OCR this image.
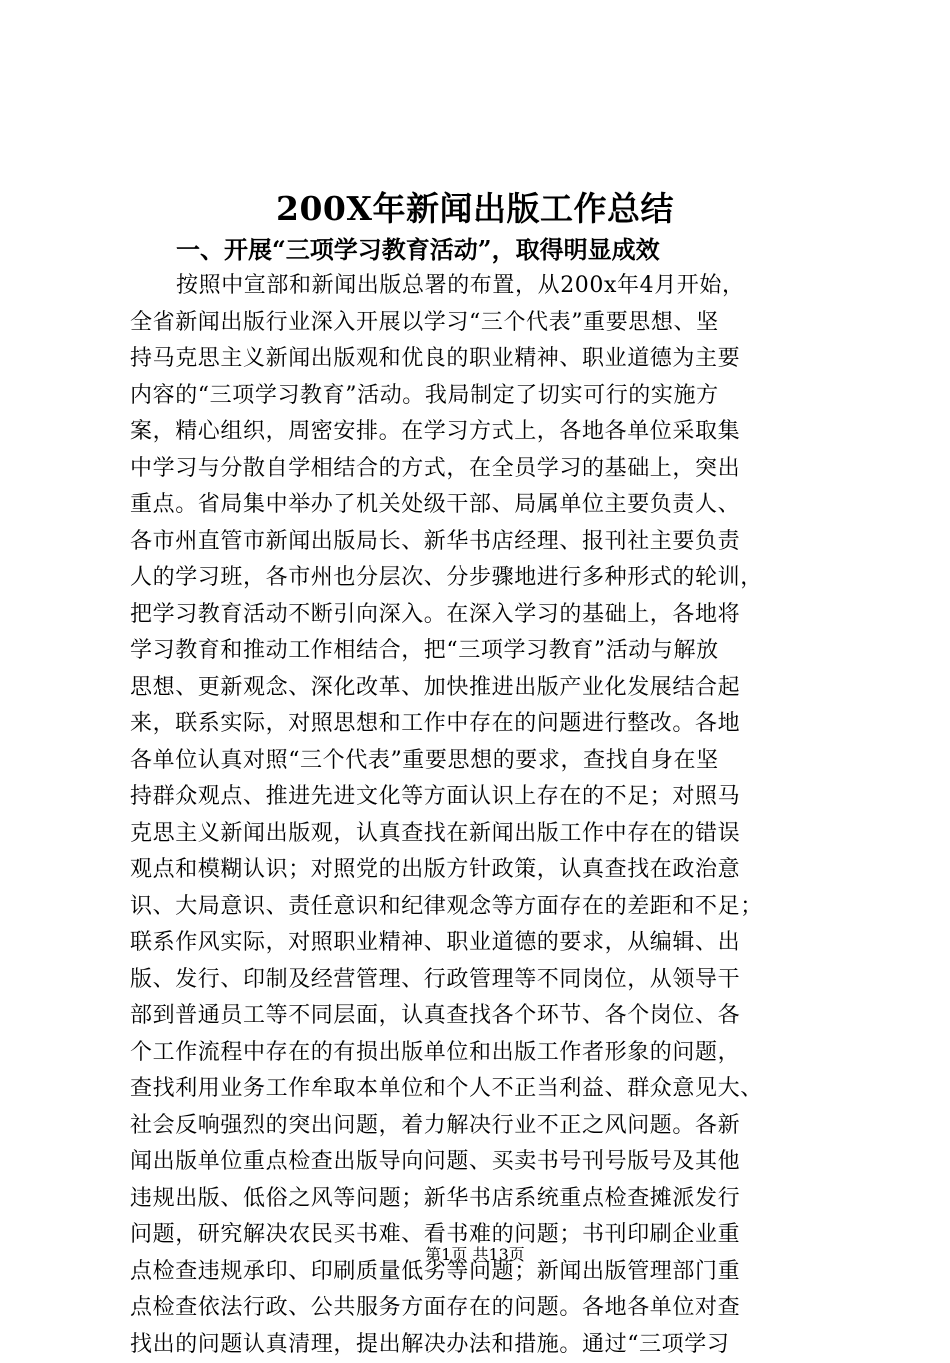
200X年新闻出版工作总结
一、开展“三项学习教育活动”，取得明显成效
按照中宣部和新闻出版总署的布置，从200x年4月开始，
全省新闻出版行业深入开展以学习“三个代表”重要思想、坚
持马克思主义新闻出版观和优良的职业精神、职业道德为主要
内容的“三项学习教育”活动。我局制定了切实可行的实施方
案，精心组织，周密安排。在学习方式上，各地各单位采取集
中学习与分散自学相结合的方式，在全员学习的基础上，突出
重点。省局集中举办了机关处级干部、局属单位主要负责人、
各市州直管市新闻出版局长、新华书店经理、报刊社主要负责
人的学习班，各市州也分层次、分步骤地进行多种形式的轮训，
把学习教育活动不断引向深入。在深入学习的基础上，各地将
学习教育和推动工作相结合，把“三项学习教育”活动与解放
思想、更新观念、深化改革、加快推进出版产业化发展结合起
来，联系实际，对照思想和工作中存在的问题进行整改。各地
各单位认真对照“三个代表”重要思想的要求，查找自身在坚
持群众观点、推进先进文化等方面认识上存在的不足；对照马
克思主义新闻出版观，认真查找在新闻出版工作中存在的错误
观点和模糊认识；对照党的出版方针政策，认真查找在政治意
识、大局意识、责任意识和纪律观念等方面存在的差距和不足；
联系作风实际，对照职业精神、职业道德的要求，从编辑、出
版、发行、印制及经营管理、行政管理等不同岗位，从领导干
部到普通员工等不同层面，认真查找各个环节、各个岗位、各
个工作流程中存在的有损出版单位和出版工作者形象的问题，
查找利用业务工作牟取本单位和个人不正当利益、群众意见大、
社会反响强烈的突出问题，着力解决行业不正之风问题。各新
闻出版单位重点检查出版导向问题、买卖书号刊号版号及其他
违规出版、低俗之风等问题；新华书店系统重点检查摊派发行
问题，研究解决农民买书难、看书难的问题；书刊印刷企业重
点检查违规承印、印刷质量低劣等问题；新闻出版管理部门重
点检查依法行政、公共服务方面存在的问题。各地各单位对查
找出的问题认真清理，提出解决办法和措施。通过“三项学习
第1页 共13页
